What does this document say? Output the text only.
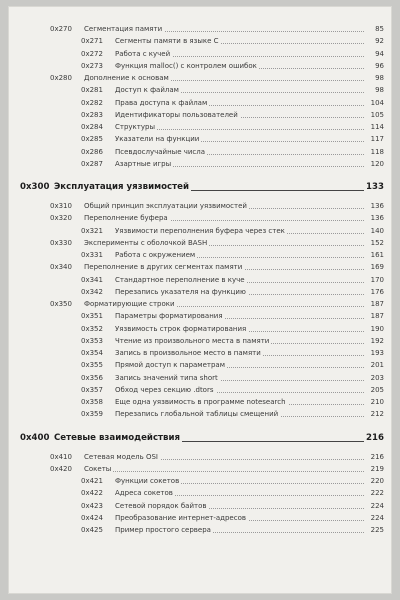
0x270 Сегментация памяти	85
0x271 Сегменты памяти в языке C	92
0x272 Работа с кучей	94
0x273 Функция malloc() с контролем ошибок	96
0x280 Дополнение к основам	98
0x281 Доступ к файлам	98
0x282 Права доступа к файлам	104
0x283 Идентификаторы пользователей	105
0x284 Структуры	114
0x285 Указатели на функции	117
0x286 Псевдослучайные числа	118
0x287 Азартные игры	120
0x300 Эксплуатация уязвимостей	133
0x310 Общий принцип эксплуатации уязвимостей	136
0x320 Переполнение буфера	136
0x321 Уязвимости переполнения буфера через стек	140
0x330 Эксперименты с оболочкой BASH	152
0x331 Работа с окружением	161
0x340 Переполнение в других сегментах памяти	169
0x341 Стандартное переполнение в куче	170
0x342 Перезапись указателя на функцию	176
0x350 Форматирующие строки	187
0x351 Параметры форматирования	187
0x352 Уязвимость строк форматирования	190
0x353 Чтение из произвольного места в памяти	192
0x354 Запись в произвольное место в памяти	193
0x355 Прямой доступ к параметрам	201
0x356 Запись значений типа short	203
0x357 Обход через секцию .dtors	205
0x358 Еще одна уязвимость в программе notesearch	210
0x359 Перезапись глобальной таблицы смещений	212
0x400 Сетевые взаимодействия	216
0x410 Сетевая модель OSI	216
0x420 Сокеты	219
0x421 Функции сокетов	220
0x422 Адреса сокетов	222
0x423 Сетевой порядок байтов	224
0x424 Преобразование интернет-адресов	224
0x425 Пример простого сервера	225
